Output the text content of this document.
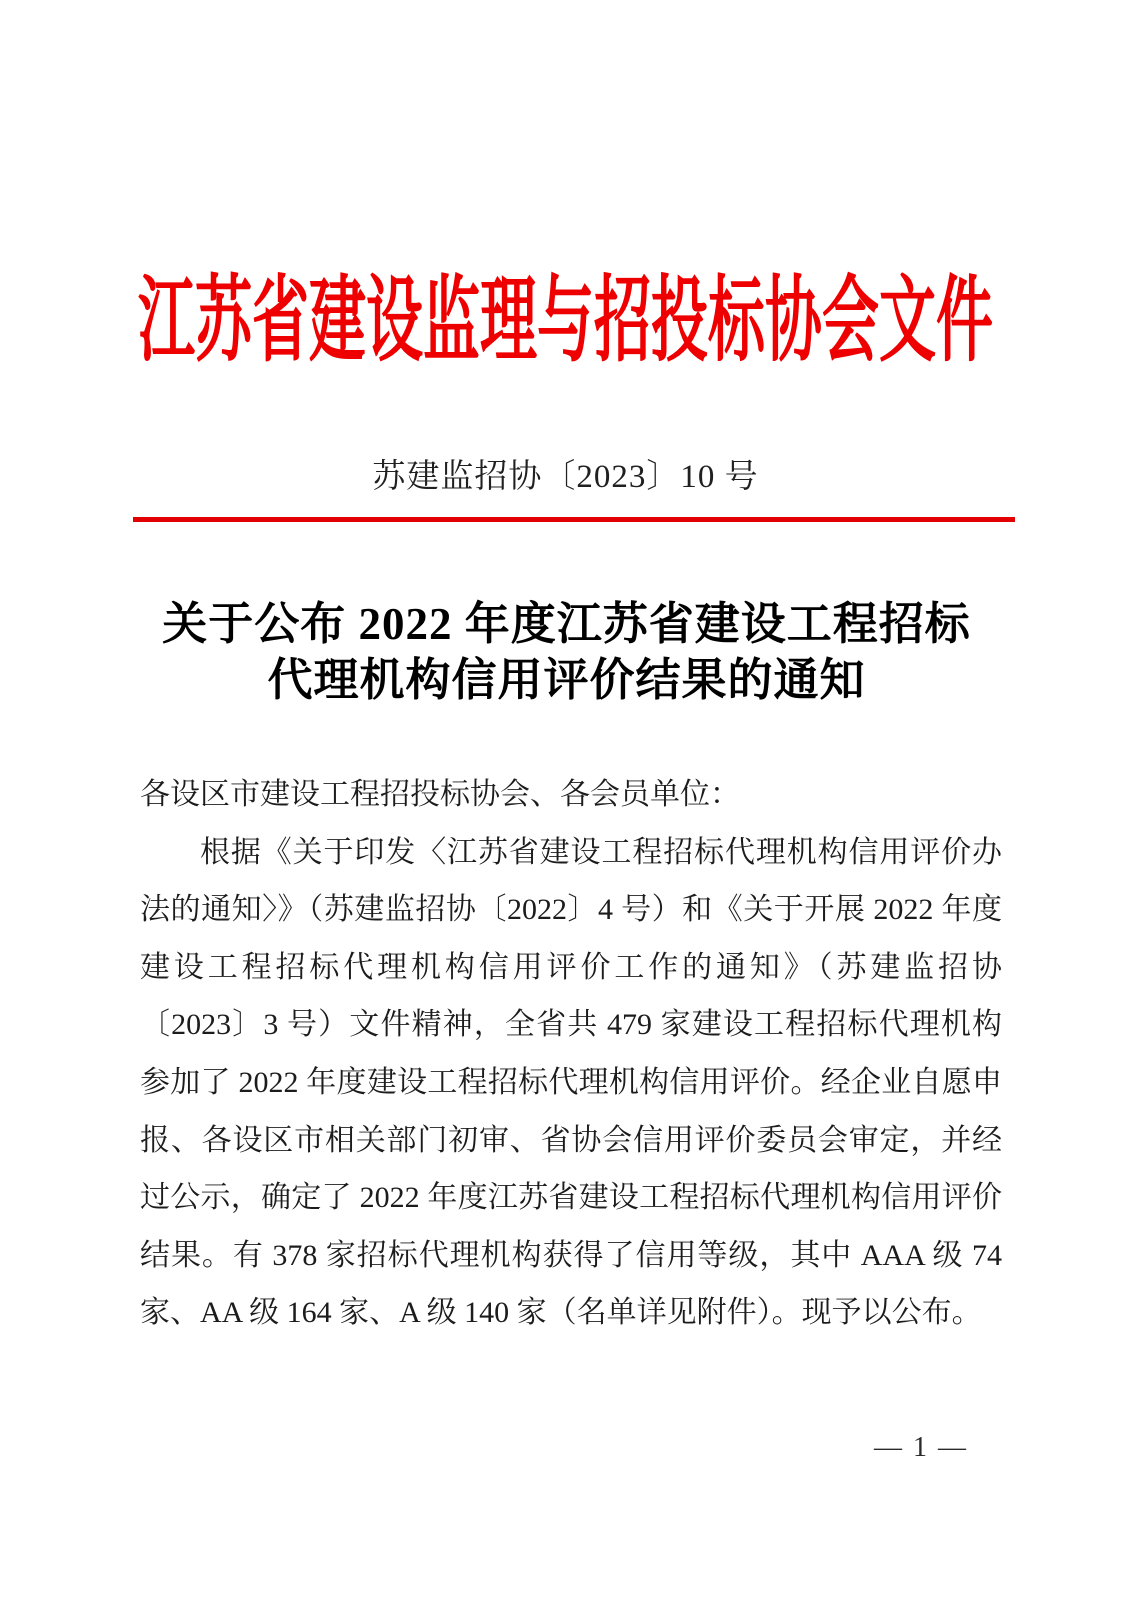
江苏省建设监理与招投标协会文件
苏建监招协〔2023〕10 号
关于公布 2022 年度江苏省建设工程招标
代理机构信用评价结果的通知
各设区市建设工程招投标协会、各会员单位：
根据《关于印发〈江苏省建设工程招标代理机构信用评价办法的通知〉》（苏建监招协〔2022〕4 号）和《关于开展 2022 年度建设工程招标代理机构信用评价工作的通知》（苏建监招协〔2023〕3 号）文件精神，全省共 479 家建设工程招标代理机构参加了 2022 年度建设工程招标代理机构信用评价。经企业自愿申报、各设区市相关部门初审、省协会信用评价委员会审定，并经过公示，确定了 2022 年度江苏省建设工程招标代理机构信用评价结果。有 378 家招标代理机构获得了信用等级，其中 AAA 级 74 家、AA 级 164 家、A 级 140 家（名单详见附件）。现予以公布。
— 1 —
